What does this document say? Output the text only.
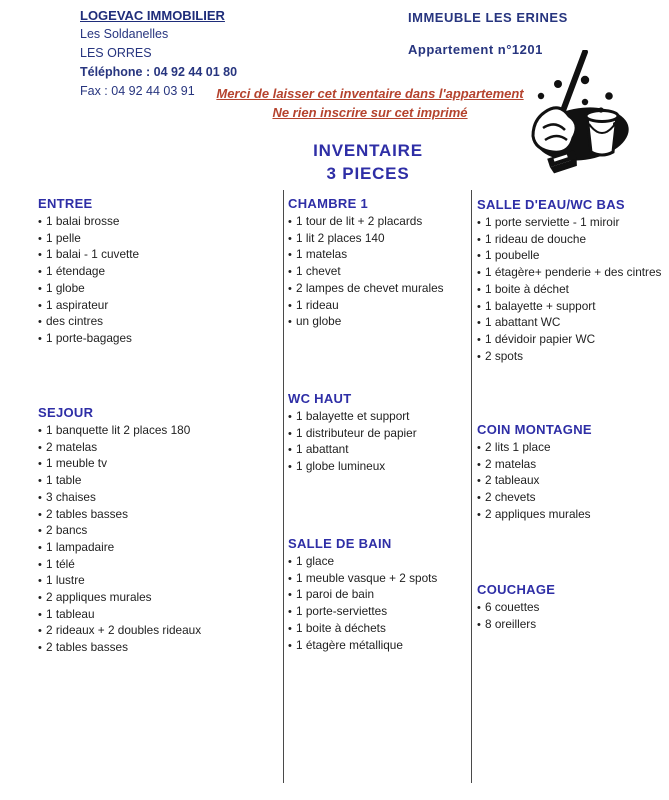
LOGEVAC IMMOBILIER
Les Soldanelles
LES ORRES
Téléphone : 04 92 44 01 80
Fax : 04 92 44 03 91
IMMEUBLE LES ERINES
Appartement n°1201
Merci de laisser cet inventaire dans l'appartement
Ne rien inscrire sur cet imprimé
INVENTAIRE
3 PIECES
ENTREE
• 1 balai brosse
• 1 pelle
• 1 balai - 1 cuvette
• 1 étendage
• 1 globe
• 1 aspirateur
• des cintres
• 1 porte-bagages
SEJOUR
• 1 banquette lit 2 places 180
• 2 matelas
• 1 meuble tv
• 1 table
• 3 chaises
• 2 tables basses
• 2 bancs
• 1 lampadaire
• 1 télé
• 1 lustre
• 2 appliques murales
• 1 tableau
• 2 rideaux + 2 doubles rideaux
• 2 tables basses
CHAMBRE 1
• 1 tour de lit + 2 placards
• 1 lit 2 places 140
• 1 matelas
• 1 chevet
• 2 lampes de chevet murales
• 1 rideau
• un globe
WC HAUT
• 1 balayette et support
• 1 distributeur de papier
• 1 abattant
• 1 globe lumineux
SALLE DE BAIN
• 1 glace
• 1 meuble vasque + 2 spots
• 1 paroi de bain
• 1 porte-serviettes
• 1 boite à déchets
• 1 étagère métallique
SALLE D'EAU/WC BAS
• 1 porte serviette - 1 miroir
• 1 rideau de douche
• 1 poubelle
• 1 étagère+ penderie + des cintres
• 1 boite à déchet
• 1 balayette + support
• 1 abattant WC
• 1 dévidoir papier WC
• 2 spots
COIN MONTAGNE
• 2 lits 1 place
• 2 matelas
• 2 tableaux
• 2 chevets
• 2 appliques murales
COUCHAGE
• 6 couettes
• 8 oreillers
